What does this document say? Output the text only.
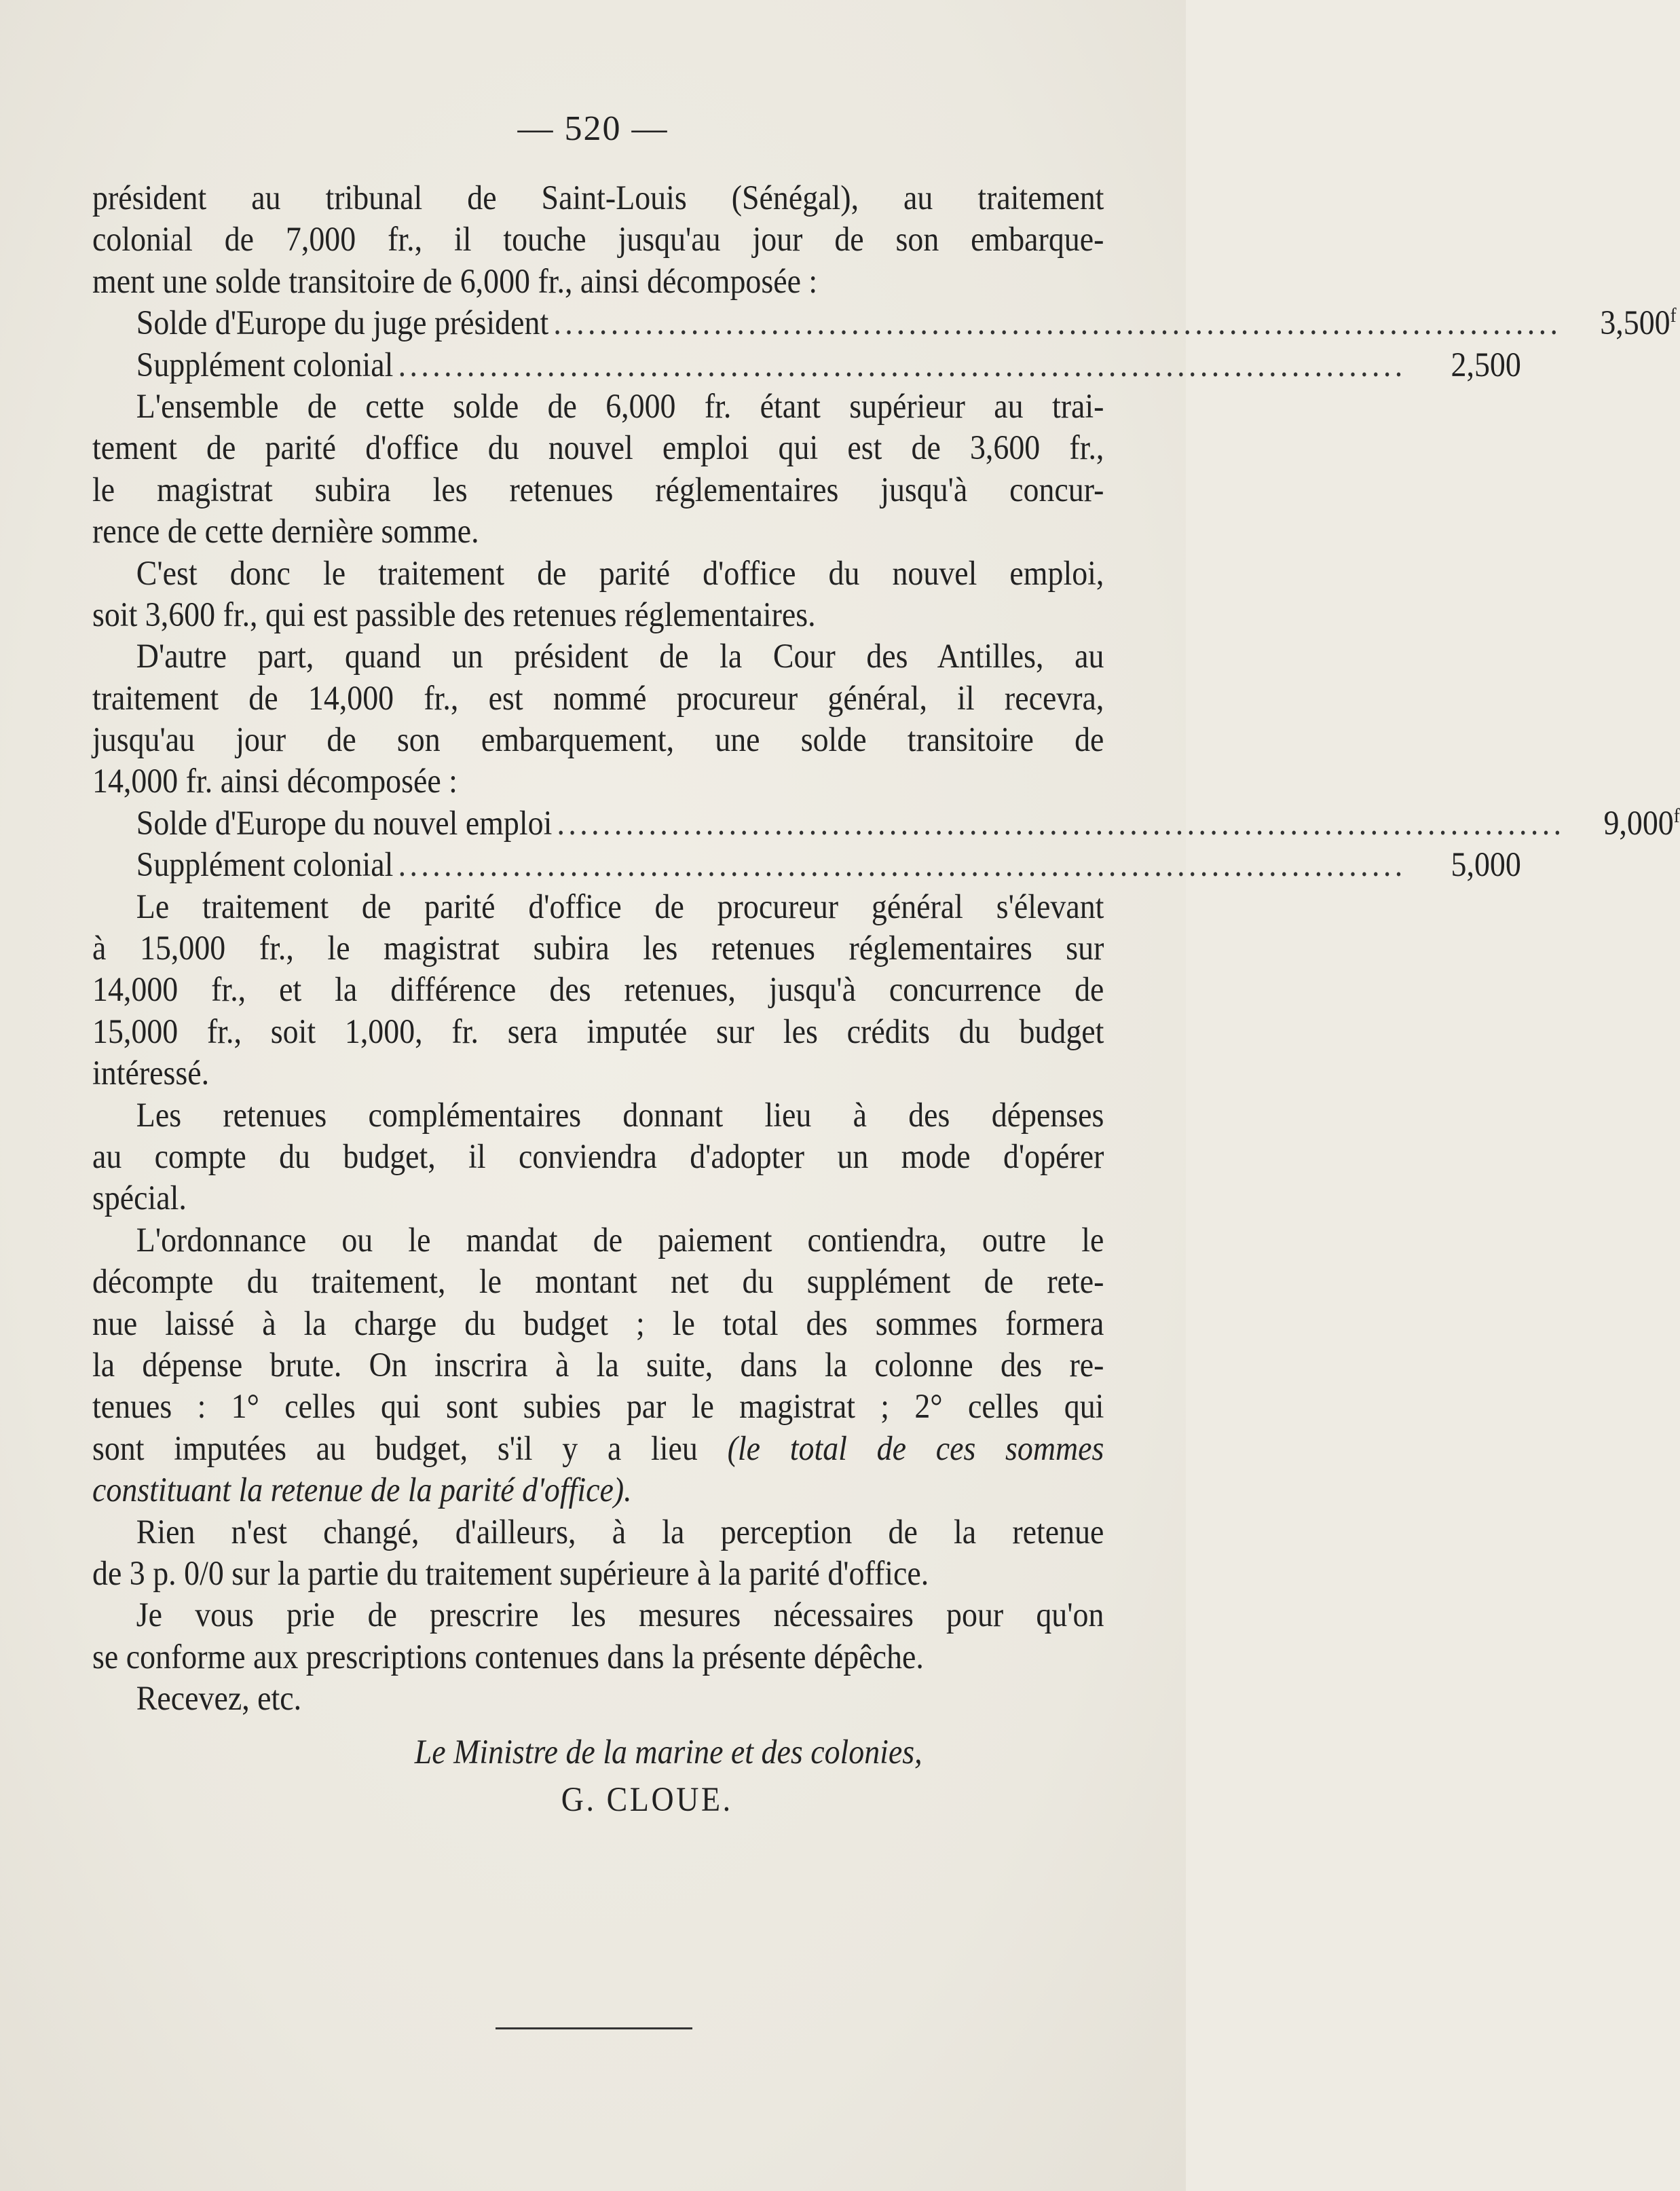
— 520 —
président au tribunal de Saint-Louis (Sénégal), au traitement
colonial de 7,000 fr., il touche jusqu'au jour de son embarque-
ment une solde transitoire de 6,000 fr., ainsi décomposée :
Solde d'Europe du juge président ........................................................................................	3,500$^f$
Supplément colonial ........................................................................................	2,500
L'ensemble de cette solde de 6,000 fr. étant supérieur au trai-
tement de parité d'office du nouvel emploi qui est de 3,600 fr.,
le magistrat subira les retenues réglementaires jusqu'à concur-
rence de cette dernière somme.
C'est donc le traitement de parité d'office du nouvel emploi,
soit 3,600 fr., qui est passible des retenues réglementaires.
D'autre part, quand un président de la Cour des Antilles, au
traitement de 14,000 fr., est nommé procureur général, il recevra,
jusqu'au jour de son embarquement, une solde transitoire de
14,000 fr. ainsi décomposée :
Solde d'Europe du nouvel emploi ........................................................................................	9,000$^f$
Supplément colonial ........................................................................................	5,000
Le traitement de parité d'office de procureur général s'élevant
à 15,000 fr., le magistrat subira les retenues réglementaires sur
14,000 fr., et la différence des retenues, jusqu'à concurrence de
15,000 fr., soit 1,000, fr. sera imputée sur les crédits du budget
intéressé.
Les retenues complémentaires donnant lieu à des dépenses
au compte du budget, il conviendra d'adopter un mode d'opérer
spécial.
L'ordonnance ou le mandat de paiement contiendra, outre le
décompte du traitement, le montant net du supplément de rete-
nue laissé à la charge du budget ; le total des sommes formera
la dépense brute. On inscrira à la suite, dans la colonne des re-
tenues : 1° celles qui sont subies par le magistrat ; 2° celles qui
sont imputées au budget, s'il y a lieu (le total de ces sommes
constituant la retenue de la parité d'office).
Rien n'est changé, d'ailleurs, à la perception de la retenue
de 3 p. 0/0 sur la partie du traitement supérieure à la parité d'office.
Je vous prie de prescrire les mesures nécessaires pour qu'on
se conforme aux prescriptions contenues dans la présente dépêche.
Recevez, etc.
Le Ministre de la marine et des colonies,
G. CLOUE.
